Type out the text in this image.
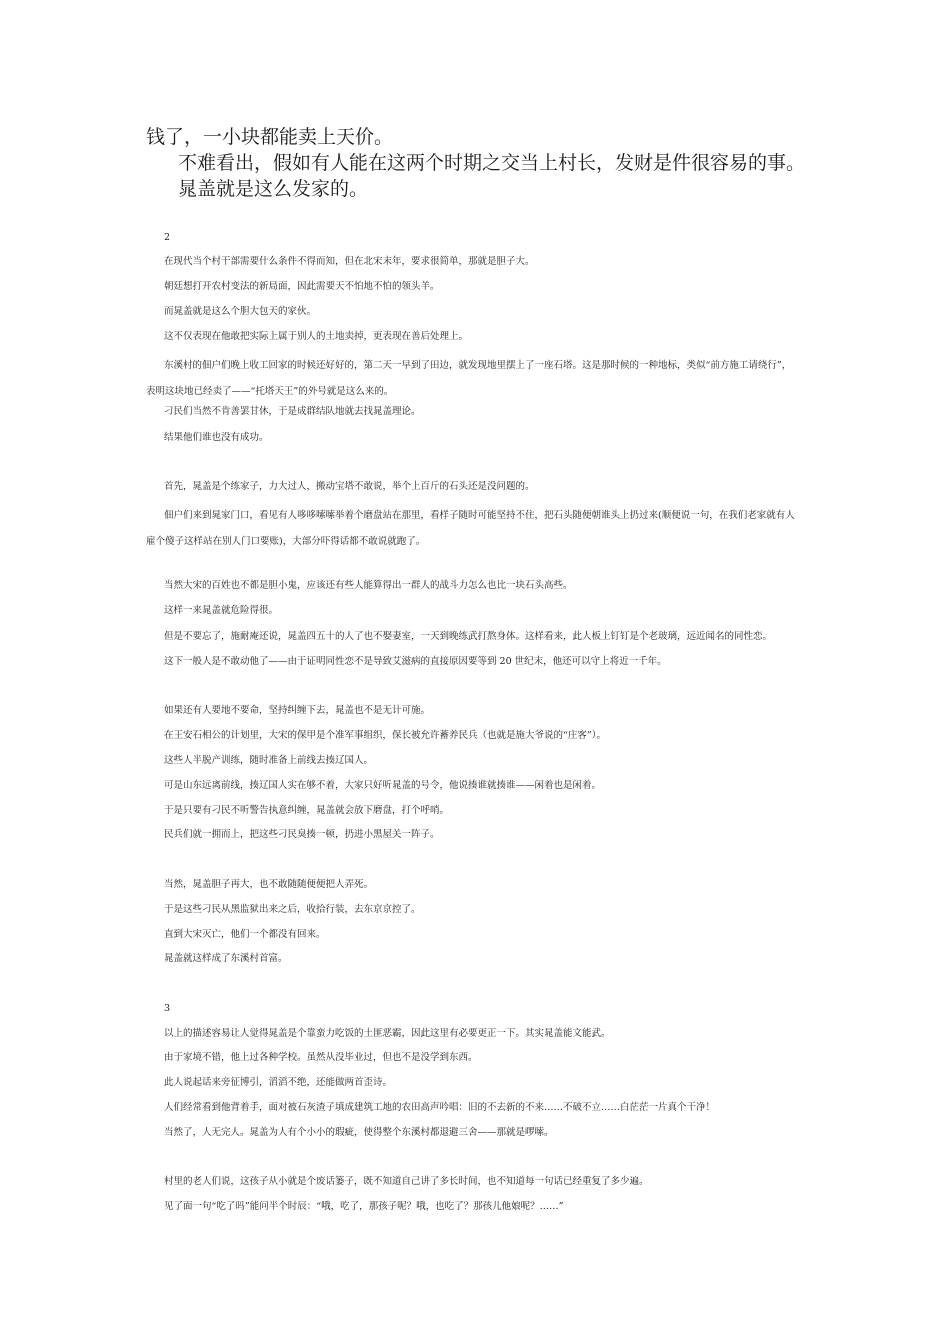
钱了，一小块都能卖上天价。

不难看出，假如有人能在这两个时期之交当上村长，发财是件很容易的事。

晁盖就是这么发家的。

2

在现代当个村干部需要什么条件不得而知，但在北宋末年，要求很简单，那就是胆子大。

朝廷想打开农村变法的新局面，因此需要天不怕地不怕的领头羊。

而晁盖就是这么个胆大包天的家伙。

这不仅表现在他敢把实际上属于别人的土地卖掉，更表现在善后处理上。

东溪村的佃户们晚上收工回家的时候还好好的，第二天一早到了田边，就发现地里摆上了一座石塔。这是那时候的一种地标，类似“前方施工请绕行”，表明这块地已经卖了——“托塔天王”的外号就是这么来的。

刁民们当然不肯善罢甘休，于是成群结队地就去找晁盖理论。

结果他们谁也没有成功。

首先，晁盖是个练家子，力大过人，搬动宝塔不敢说，举个上百斤的石头还是没问题的。

佃户们来到晁家门口，看见有人哆哆嗦嗦举着个磨盘站在那里，看样子随时可能坚持不住，把石头随便朝谁头上扔过来(顺便说一句，在我们老家就有人雇个傻子这样站在别人门口要账)，大部分吓得话都不敢说就跑了。

当然大宋的百姓也不都是胆小鬼，应该还有些人能算得出一群人的战斗力怎么也比一块石头高些。

这样一来晁盖就危险得很。

但是不要忘了，施耐庵还说，晁盖四五十的人了也不娶妻室，一天到晚练武打熬身体。这样看来，此人板上钉钉是个老玻璃，远近闻名的同性恋。

这下一般人是不敢动他了——由于证明同性恋不是导致艾滋病的直接原因要等到 20 世纪末，他还可以守上将近一千年。

如果还有人要地不要命，坚持纠缠下去，晁盖也不是无计可施。

在王安石相公的计划里，大宋的保甲是个准军事组织，保长被允许蓄养民兵（也就是施大爷说的“庄客”）。

这些人半脱产训练，随时准备上前线去揍辽国人。

可是山东远离前线，揍辽国人实在够不着，大家只好听晁盖的号令，他说揍谁就揍谁——闲着也是闲着。

于是只要有刁民不听警告执意纠缠，晁盖就会放下磨盘，打个呼哨。

民兵们就一拥而上，把这些刁民臭揍一顿，扔进小黑屋关一阵子。

当然，晁盖胆子再大，也不敢随随便便把人弄死。

于是这些刁民从黑监狱出来之后，收拾行装，去东京京控了。

直到大宋灭亡，他们一个都没有回来。

晁盖就这样成了东溪村首富。

3

以上的描述容易让人觉得晁盖是个靠蛮力吃饭的土匪恶霸，因此这里有必要更正一下。其实晁盖能文能武。

由于家境不错，他上过各种学校。虽然从没毕业过，但也不是没学到东西。

此人说起话来旁征博引，滔滔不绝，还能做两首歪诗。

人们经常看到他背着手，面对被石灰渣子填成建筑工地的农田高声吟唱：旧的不去新的不来……不破不立……白茫茫一片真个干净！

当然了，人无完人。晁盖为人有个小小的瑕疵，使得整个东溪村都退避三舍——那就是啰嗦。

村里的老人们说，这孩子从小就是个废话篓子，既不知道自己讲了多长时间，也不知道每一句话已经重复了多少遍。

见了面一句“吃了吗”能问半个时辰：“哦，吃了，那孩子呢？哦，也吃了？那孩儿他娘呢？……”
